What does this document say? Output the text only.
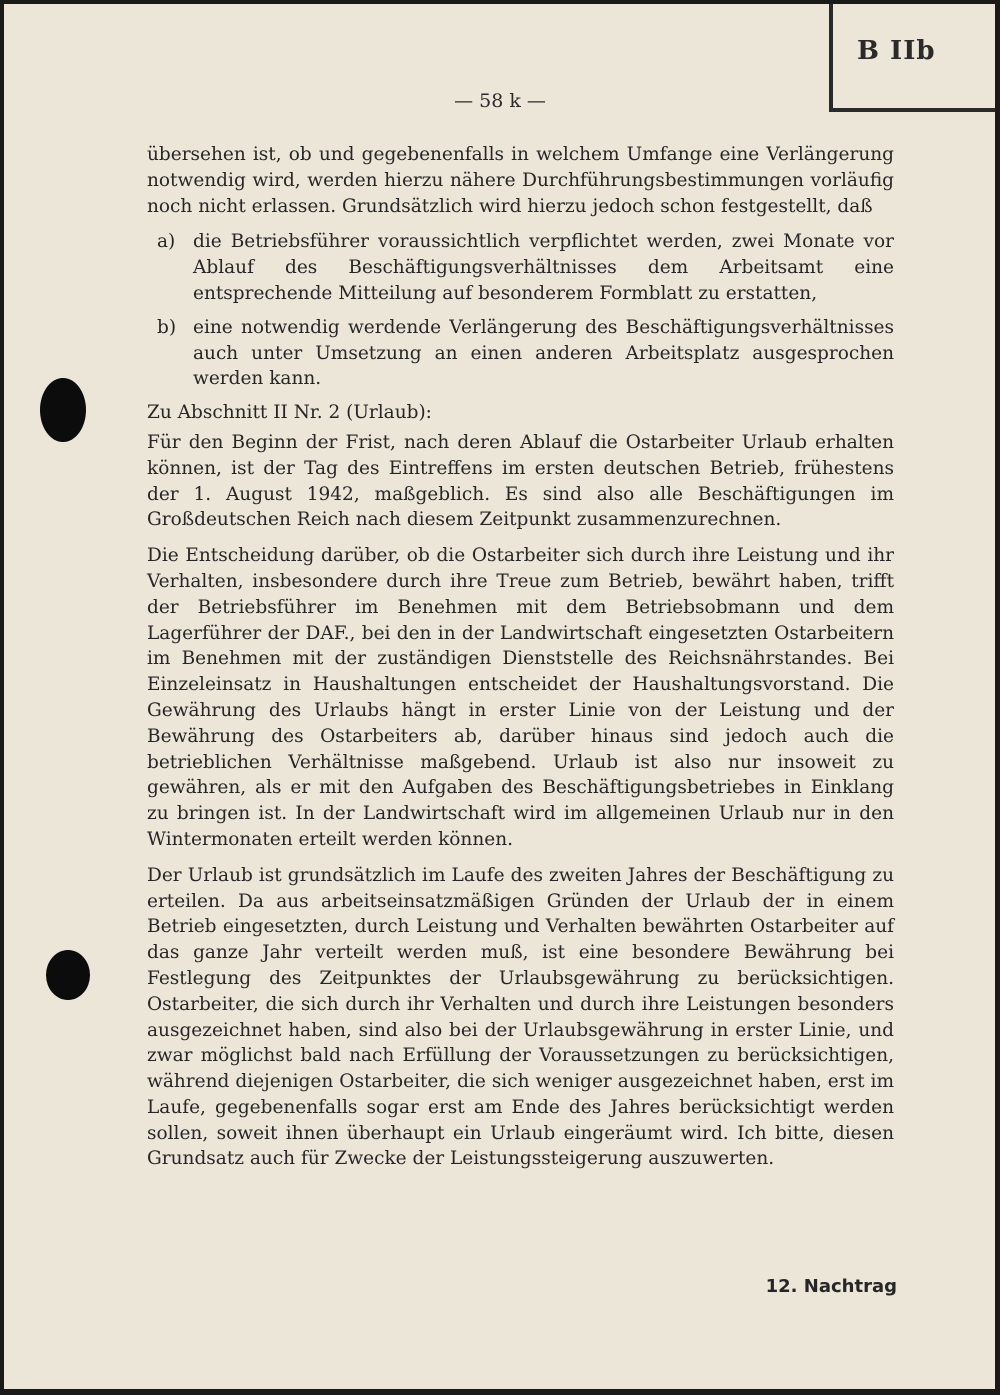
B IIb
— 58 k —

übersehen ist, ob und gegebenenfalls in welchem Umfange eine Verlängerung notwendig wird, werden hierzu nähere Durchführungsbestimmungen vorläufig noch nicht erlassen. Grundsätzlich wird hierzu jedoch schon festgestellt, daß

a) die Betriebsführer voraussichtlich verpflichtet werden, zwei Monate vor Ablauf des Beschäftigungsverhältnisses dem Arbeitsamt eine entsprechende Mitteilung auf besonderem Formblatt zu erstatten,
b) eine notwendig werdende Verlängerung des Beschäftigungsverhältnisses auch unter Umsetzung an einen anderen Arbeitsplatz ausgesprochen werden kann.

Zu Abschnitt II Nr. 2 (Urlaub):

Für den Beginn der Frist, nach deren Ablauf die Ostarbeiter Urlaub erhalten können, ist der Tag des Eintreffens im ersten deutschen Betrieb, frühestens der 1. August 1942, maßgeblich. Es sind also alle Beschäftigungen im Großdeutschen Reich nach diesem Zeitpunkt zusammenzurechnen.

Die Entscheidung darüber, ob die Ostarbeiter sich durch ihre Leistung und ihr Verhalten, insbesondere durch ihre Treue zum Betrieb, bewährt haben, trifft der Betriebsführer im Benehmen mit dem Betriebsobmann und dem Lagerführer der DAF., bei den in der Landwirtschaft eingesetzten Ostarbeitern im Benehmen mit der zuständigen Dienststelle des Reichsnährstandes. Bei Einzeleinsatz in Haushaltungen entscheidet der Haushaltungsvorstand. Die Gewährung des Urlaubs hängt in erster Linie von der Leistung und der Bewährung des Ostarbeiters ab, darüber hinaus sind jedoch auch die betrieblichen Verhältnisse maßgebend. Urlaub ist also nur insoweit zu gewähren, als er mit den Aufgaben des Beschäftigungsbetriebes in Einklang zu bringen ist. In der Landwirtschaft wird im allgemeinen Urlaub nur in den Wintermonaten erteilt werden können.

Der Urlaub ist grundsätzlich im Laufe des zweiten Jahres der Beschäftigung zu erteilen. Da aus arbeitseinsatzmäßigen Gründen der Urlaub der in einem Betrieb eingesetzten, durch Leistung und Verhalten bewährten Ostarbeiter auf das ganze Jahr verteilt werden muß, ist eine besondere Bewährung bei Festlegung des Zeitpunktes der Urlaubsgewährung zu berücksichtigen. Ostarbeiter, die sich durch ihr Verhalten und durch ihre Leistungen besonders ausgezeichnet haben, sind also bei der Urlaubsgewährung in erster Linie, und zwar möglichst bald nach Erfüllung der Voraussetzungen zu berücksichtigen, während diejenigen Ostarbeiter, die sich weniger ausgezeichnet haben, erst im Laufe, gegebenenfalls sogar erst am Ende des Jahres berücksichtigt werden sollen, soweit ihnen überhaupt ein Urlaub eingeräumt wird. Ich bitte, diesen Grundsatz auch für Zwecke der Leistungssteigerung auszuwerten.

12. Nachtrag
